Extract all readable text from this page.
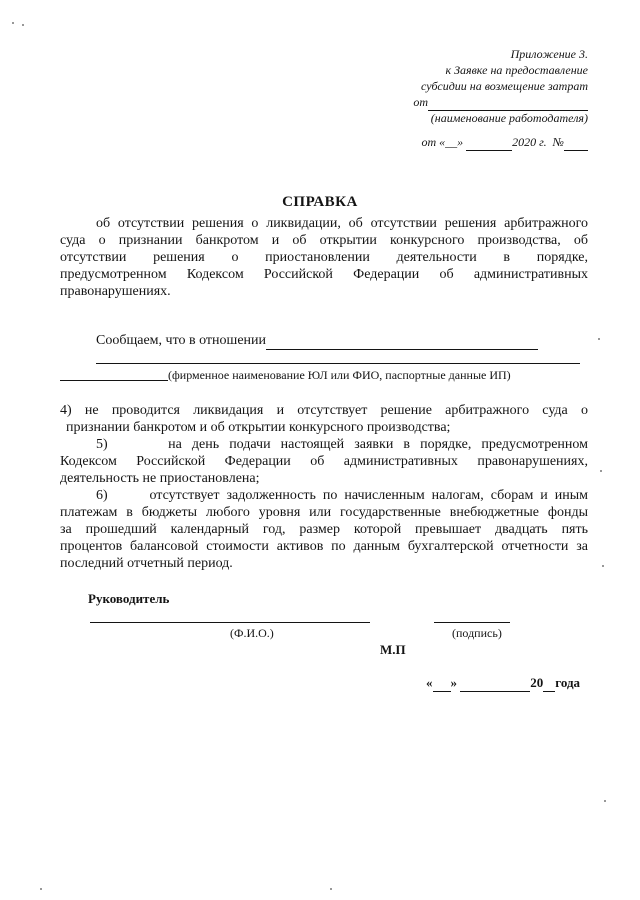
Приложение 3.
к Заявке на предоставление
субсидии на возмещение затрат
от
(наименование работодателя)
от «__»	2020 г. №
СПРАВКА
об отсутствии решения о ликвидации, об отсутствии решения арбитражного
суда о признании банкротом и об открытии конкурсного производства, об
отсутствии решения о приостановлении деятельности в порядке,
предусмотренном Кодексом Российской Федерации об административных
правонарушениях.
Сообщаем, что в отношении
(фирменное наименование ЮЛ или ФИО, паспортные данные ИП)
4) не проводится ликвидация и отсутствует решение арбитражного суда о
признании банкротом и об открытии конкурсного производства;
5)	на день подачи настоящей заявки в порядке, предусмотренном
Кодексом Российской Федерации об административных правонарушениях,
деятельность не приостановлена;
6)	отсутствует задолженность по начисленным налогам, сборам и иным
платежам в бюджеты любого уровня или государственные внебюджетные фонды
за прошедший календарный год, размер которой превышает двадцать пять
процентов балансовой стоимости активов по данным бухгалтерской отчетности за
последний отчетный период.
Руководитель
(Ф.И.О.)	(подпись)
М.П
« »	20 года
